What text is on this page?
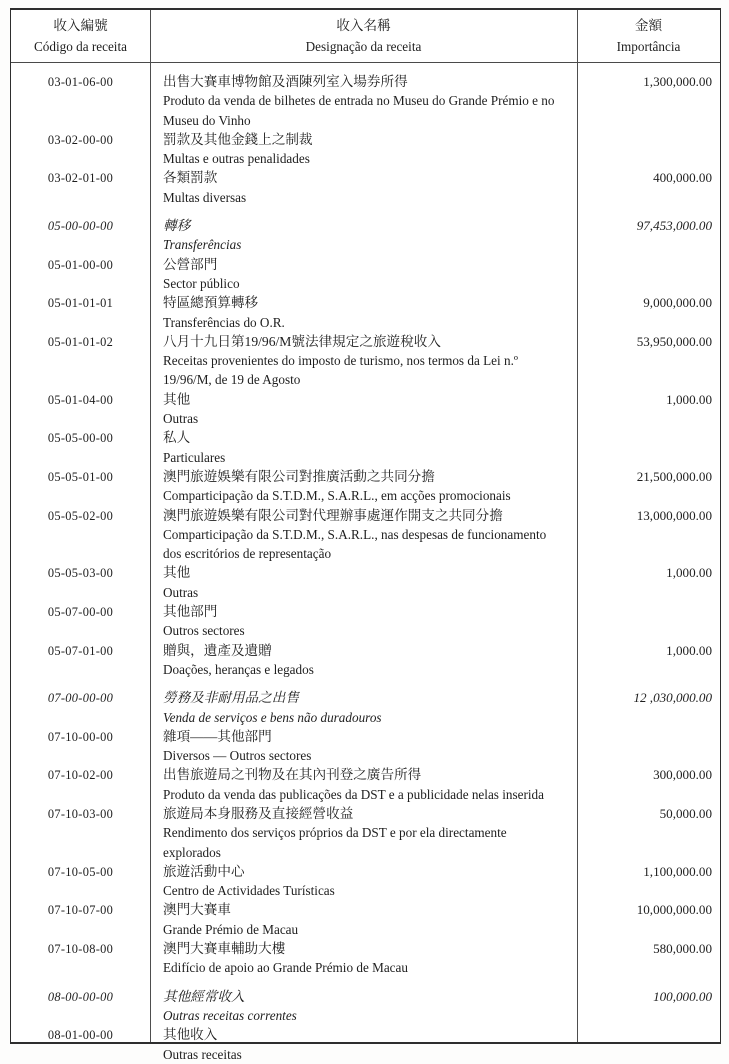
收入編號
Código da receita
收入名稱
Designação da receita
金額
Importância
03-01-06-00	出售大賽車博物館及酒陳列室入場券所得
Produto da venda de bilhetes de entrada no Museu do Grande Prémio e no Museu do Vinho
1,300,000.00
03-02-00-00	罰款及其他金錢上之制裁
Multas e outras penalidades
03-02-01-00	各類罰款
Multas diversas
400,000.00
05-00-00-00	轉移
Transferências
97,453,000.00
05-01-00-00	公營部門
Sector público
05-01-01-01	特區總預算轉移
Transferências do O.R.
9,000,000.00
05-01-01-02	八月十九日第19/96/M號法律規定之旅遊稅收入
Receitas provenientes do imposto de turismo, nos termos da Lei n.º 19/96/M, de 19 de Agosto
53,950,000.00
05-01-04-00	其他
Outras
1,000.00
05-05-00-00	私人
Particulares
05-05-01-00	澳門旅遊娛樂有限公司對推廣活動之共同分擔
Comparticipação da S.T.D.M., S.A.R.L., em acções promocionais
21,500,000.00
05-05-02-00	澳門旅遊娛樂有限公司對代理辦事處運作開支之共同分擔
Comparticipação da S.T.D.M., S.A.R.L., nas despesas de funcionamento dos escritórios de representação
13,000,000.00
05-05-03-00	其他
Outras
1,000.00
05-07-00-00	其他部門
Outros sectores
05-07-01-00	贈與，遺產及遺贈
Doações, heranças e legados
1,000.00
07-00-00-00	勞務及非耐用品之出售
Venda de serviços e bens não duradouros
12 ,030,000.00
07-10-00-00	雜項——其他部門
Diversos — Outros sectores
07-10-02-00	出售旅遊局之刊物及在其內刊登之廣告所得
Produto da venda das publicações da DST e a publicidade nelas inserida
300,000.00
07-10-03-00	旅遊局本身服務及直接經營收益
Rendimento dos serviços próprios da DST e por ela directamente explorados
50,000.00
07-10-05-00	旅遊活動中心
Centro de Actividades Turísticas
1,100,000.00
07-10-07-00	澳門大賽車
Grande Prémio de Macau
10,000,000.00
07-10-08-00	澳門大賽車輔助大樓
Edifício de apoio ao Grande Prémio de Macau
580,000.00
08-00-00-00	其他經常收入
Outras receitas correntes
100,000.00
08-01-00-00	其他收入
Outras receitas
